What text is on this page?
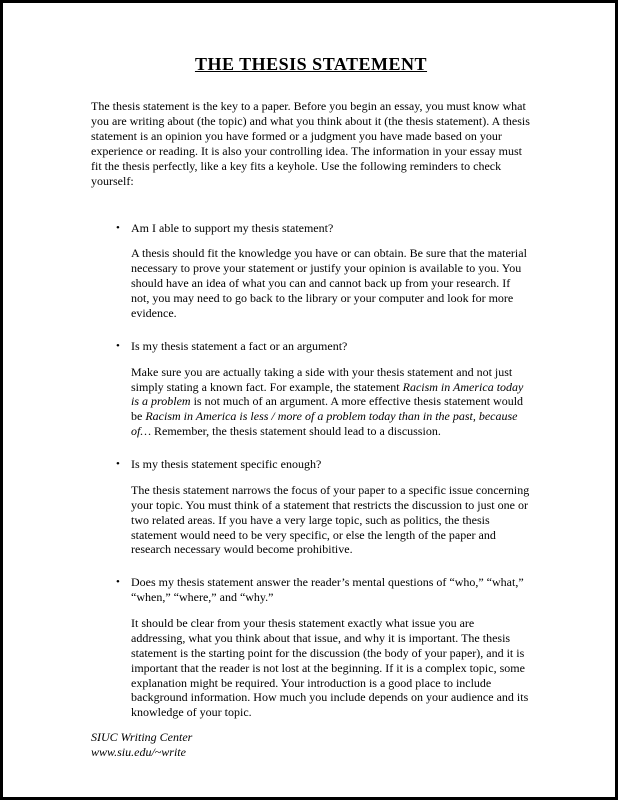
THE THESIS STATEMENT

The thesis statement is the key to a paper. Before you begin an essay, you must know what you are writing about (the topic) and what you think about it (the thesis statement). A thesis statement is an opinion you have formed or a judgment you have made based on your experience or reading. It is also your controlling idea. The information in your essay must fit the thesis perfectly, like a key fits a keyhole. Use the following reminders to check yourself:

• Am I able to support my thesis statement?

A thesis should fit the knowledge you have or can obtain. Be sure that the material necessary to prove your statement or justify your opinion is available to you. You should have an idea of what you can and cannot back up from your research. If not, you may need to go back to the library or your computer and look for more evidence.

• Is my thesis statement a fact or an argument?

Make sure you are actually taking a side with your thesis statement and not just simply stating a known fact. For example, the statement Racism in America today is a problem is not much of an argument. A more effective thesis statement would be Racism in America is less / more of a problem today than in the past, because of… Remember, the thesis statement should lead to a discussion.

• Is my thesis statement specific enough?

The thesis statement narrows the focus of your paper to a specific issue concerning your topic. You must think of a statement that restricts the discussion to just one or two related areas. If you have a very large topic, such as politics, the thesis statement would need to be very specific, or else the length of the paper and research necessary would become prohibitive.

• Does my thesis statement answer the reader’s mental questions of “who,” “what,” “when,” “where,” and “why.”

It should be clear from your thesis statement exactly what issue you are addressing, what you think about that issue, and why it is important. The thesis statement is the starting point for the discussion (the body of your paper), and it is important that the reader is not lost at the beginning. If it is a complex topic, some explanation might be required. Your introduction is a good place to include background information. How much you include depends on your audience and its knowledge of your topic.

SIUC Writing Center
www.siu.edu/~write
